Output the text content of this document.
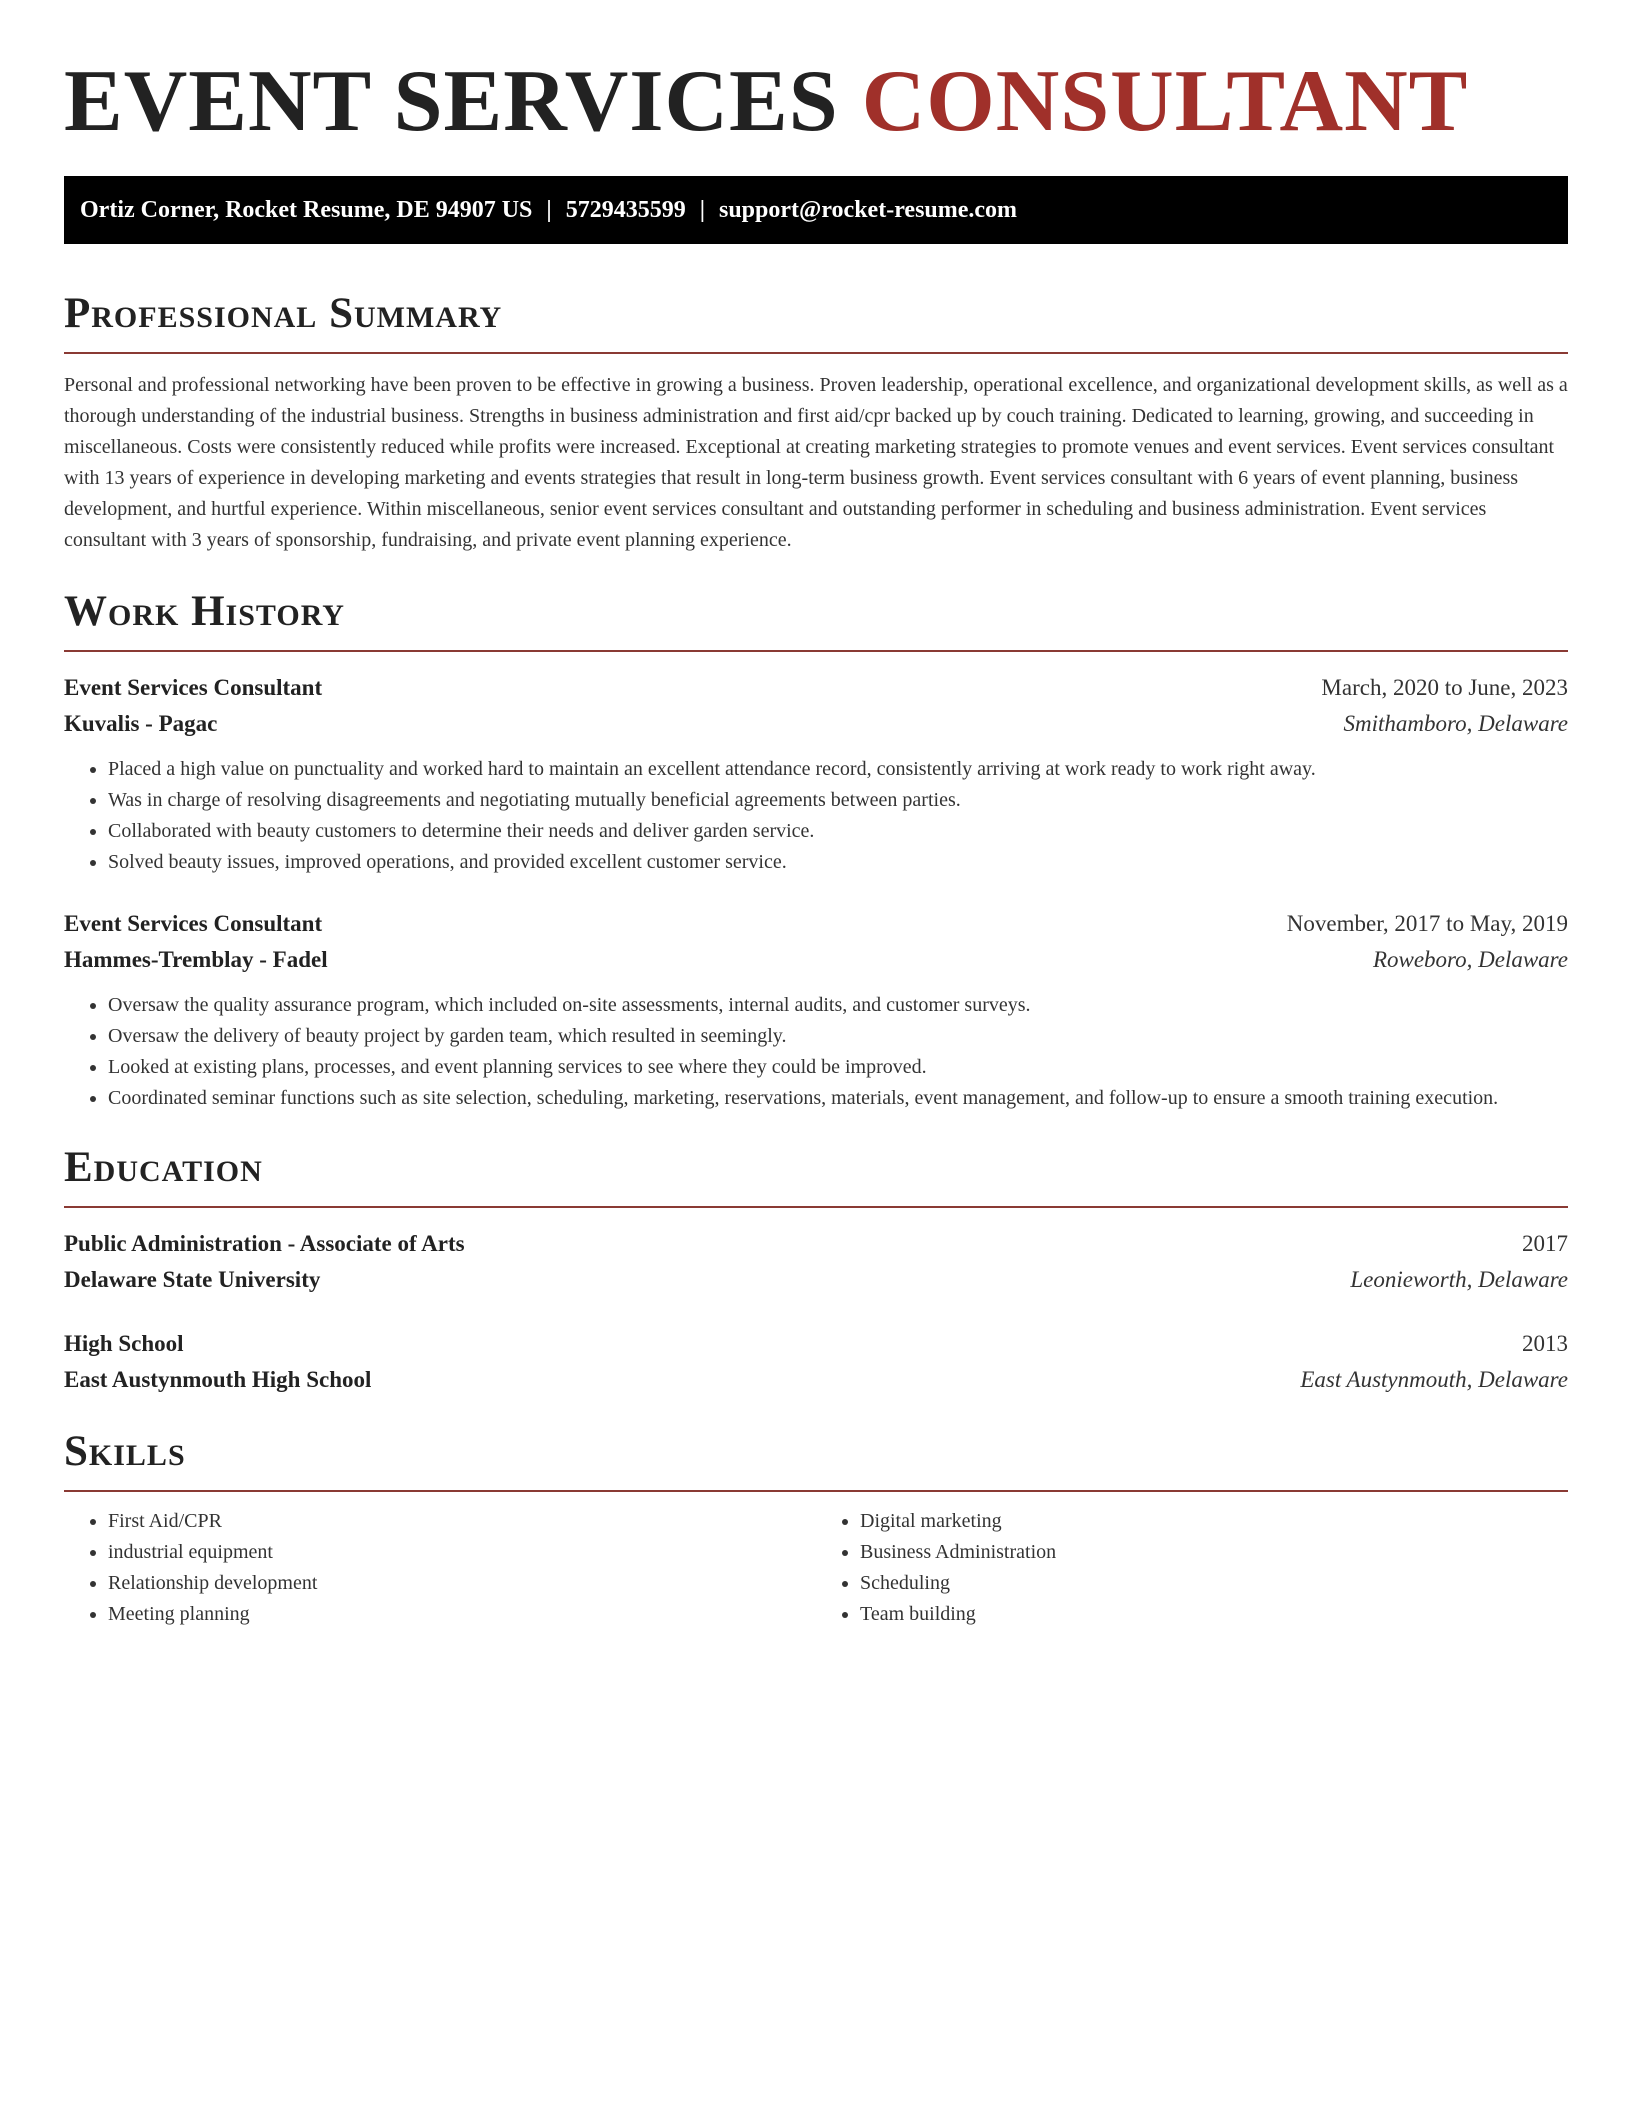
EVENT SERVICES CONSULTANT
Ortiz Corner, Rocket Resume, DE 94907 US | 5729435599 | support@rocket-resume.com
Professional Summary

Personal and professional networking have been proven to be effective in growing a business. Proven leadership, operational excellence, and organizational development skills, as well as a thorough understanding of the industrial business. Strengths in business administration and first aid/cpr backed up by couch training. Dedicated to learning, growing, and succeeding in miscellaneous. Costs were consistently reduced while profits were increased. Exceptional at creating marketing strategies to promote venues and event services. Event services consultant with 13 years of experience in developing marketing and events strategies that result in long-term business growth. Event services consultant with 6 years of event planning, business development, and hurtful experience. Within miscellaneous, senior event services consultant and outstanding performer in scheduling and business administration. Event services consultant with 3 years of sponsorship, fundraising, and private event planning experience.

Work History
Event Services Consultant	March, 2020 to June, 2023
Kuvalis - Pagac	Smithamboro, Delaware
• Placed a high value on punctuality and worked hard to maintain an excellent attendance record, consistently arriving at work ready to work right away.
• Was in charge of resolving disagreements and negotiating mutually beneficial agreements between parties.
• Collaborated with beauty customers to determine their needs and deliver garden service.
• Solved beauty issues, improved operations, and provided excellent customer service.
Event Services Consultant	November, 2017 to May, 2019
Hammes-Tremblay - Fadel	Roweboro, Delaware
• Oversaw the quality assurance program, which included on-site assessments, internal audits, and customer surveys.
• Oversaw the delivery of beauty project by garden team, which resulted in seemingly.
• Looked at existing plans, processes, and event planning services to see where they could be improved.
• Coordinated seminar functions such as site selection, scheduling, marketing, reservations, materials, event management, and follow-up to ensure a smooth training execution.
Education
Public Administration - Associate of Arts	2017
Delaware State University	Leonieworth, Delaware
High School	2013
East Austynmouth High School	East Austynmouth, Delaware
Skills
• First Aid/CPR
• industrial equipment
• Relationship development
• Meeting planning
• Digital marketing
• Business Administration
• Scheduling
• Team building
